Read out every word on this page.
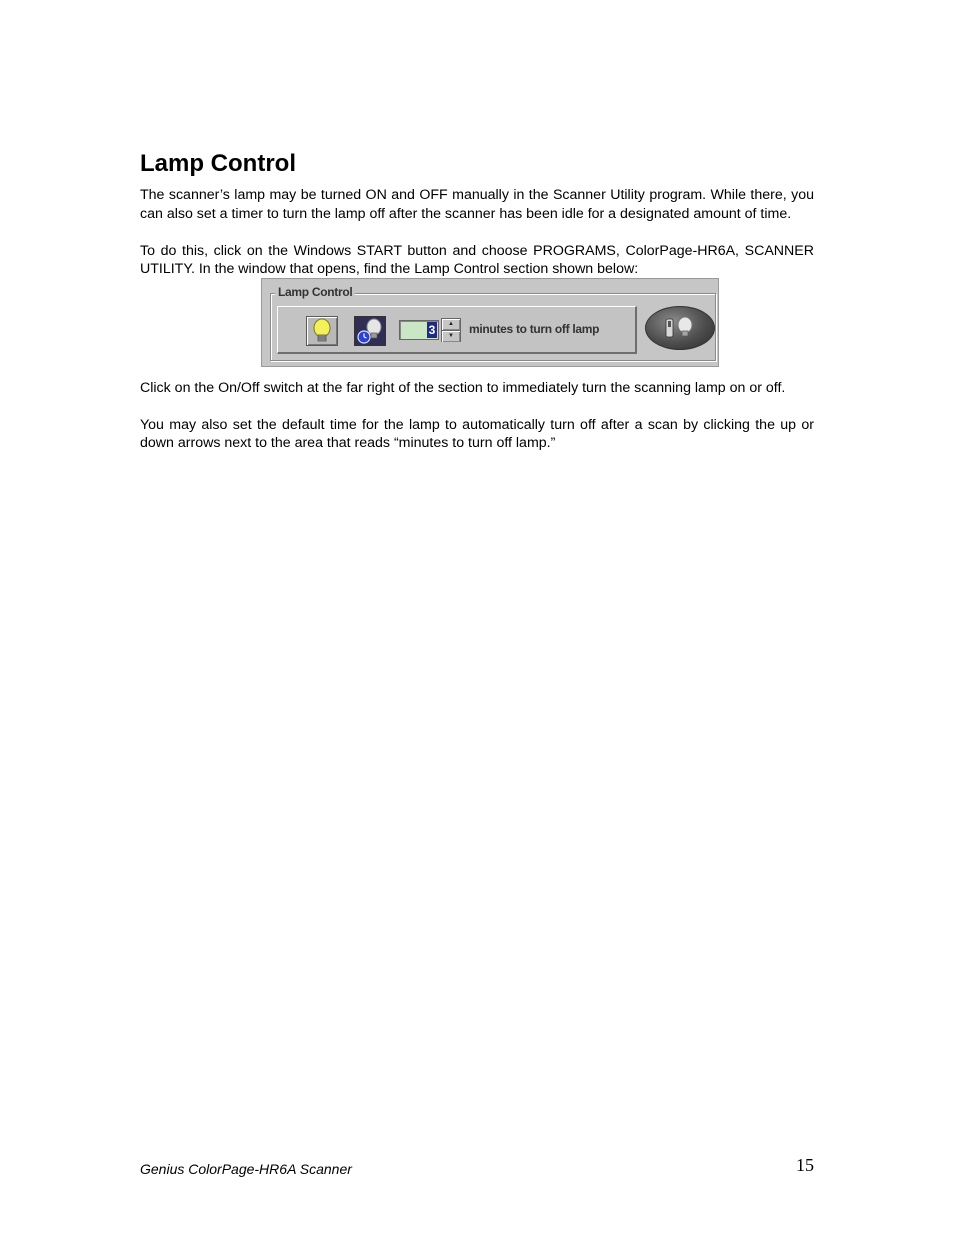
Lamp Control

The scanner’s lamp may be turned ON and OFF manually in the Scanner Utility program. While there, you can also set a timer to turn the lamp off after the scanner has been idle for a designated amount of time.

To do this, click on the Windows START button and choose PROGRAMS, ColorPage-HR6A, SCANNER UTILITY. In the window that opens, find the Lamp Control section shown below:

3 ▲
▼
minutes to turn off lamp
Lamp Control

Click on the On/Off switch at the far right of the section to immediately turn the scanning lamp on or off.

You may also set the default time for the lamp to automatically turn off after a scan by clicking the up or down arrows next to the area that reads “minutes to turn off lamp.”

Genius ColorPage-HR6A Scanner	15
